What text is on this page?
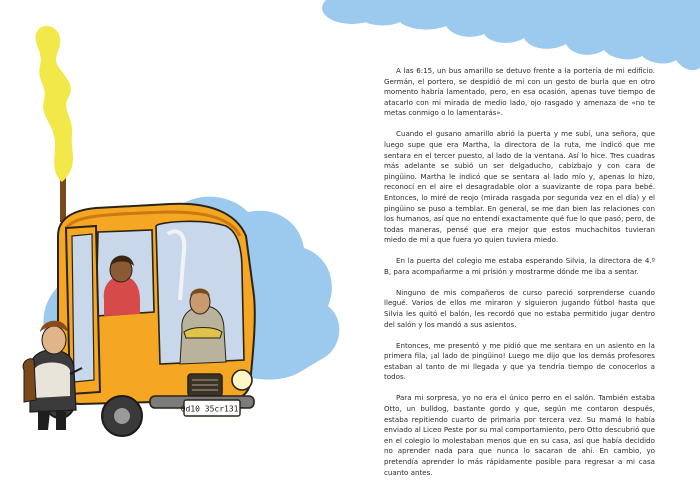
0d10 35cr131r

A las 6:15, un bus amarillo se detuvo frente a la portería de mi edificio. Germán, el portero, se despidió de mí con un gesto de burla que en otro momento habría lamentado, pero, en esa ocasión, apenas tuve tiempo de atacarlo con mi mirada de medio lado, ojo rasgado y amenaza de «no te metas conmigo o lo lamentarás».

Cuando el gusano amarillo abrió la puerta y me subí, una señora, que luego supe que era Martha, la directora de la ruta, me indicó que me sentara en el tercer puesto, al lado de la ventana. Así lo hice. Tres cuadras más adelante se subió un ser delgaducho, cabizbajo y con cara de pingüino. Martha le indicó que se sentara al lado mío y, apenas lo hizo, reconocí en el aire el desagradable olor a suavizante de ropa para bebé. Entonces, lo miré de reojo (mirada rasgada por segunda vez en el día) y el pingüino se puso a temblar. En general, se me dan bien las relaciones con los humanos, así que no entendí exactamente qué fue lo que pasó, pero, de todas maneras, pensé que era mejor que estos muchachitos tuvieran miedo de mí a que fuera yo quien tuviera miedo.

En la puerta del colegio me estaba esperando Silvia, la directora de 4.º B, para acompañarme a mi prisión y mostrarme dónde me iba a sentar.

Ninguno de mis compañeros de curso pareció sorprenderse cuando llegué. Varios de ellos me miraron y siguieron jugando fútbol hasta que Silvia les quitó el balón, les recordó que no estaba permitido jugar dentro del salón y los mandó a sus asientos.

Entonces, me presentó y me pidió que me sentara en un asiento en la primera fila, ¡al lado de pingüino! Luego me dijo que los demás profesores estaban al tanto de mi llegada y que ya tendría tiempo de conocerlos a todos.

Para mi sorpresa, yo no era el único perro en el salón. También estaba Otto, un bulldog, bastante gordo y que, según me contaron después, estaba repitiendo cuarto de primaria por tercera vez. Su mamá lo había enviado al Liceo Peste por su mal comportamiento, pero Otto descubrió que en el colegio lo molestaban menos que en su casa, así que había decidido no aprender nada para que nunca lo sacaran de ahí. En cambio, yo pretendía aprender lo más rápidamente posible para regresar a mi casa cuanto antes.
